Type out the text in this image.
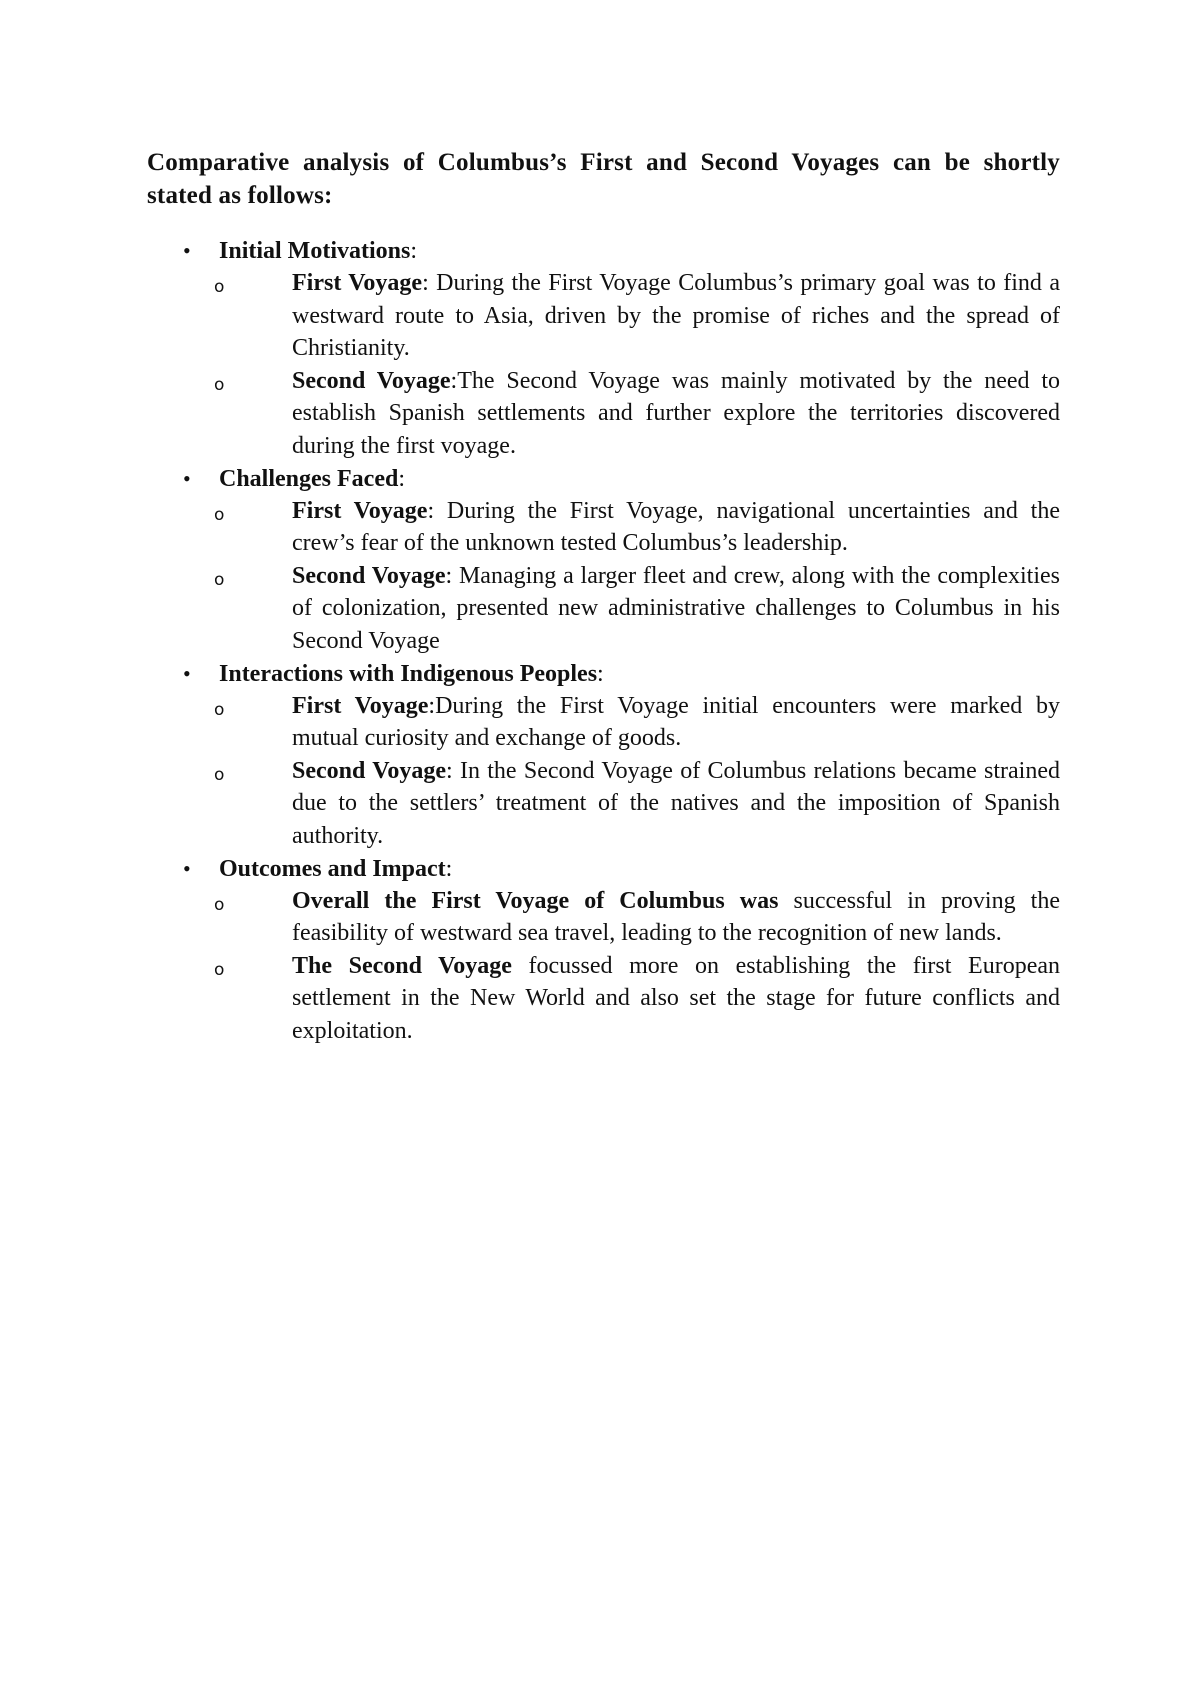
Comparative analysis of Columbus’s First and Second Voyages can be shortly stated as follows:

• Initial Motivations:
o	First Voyage: During the First Voyage Columbus’s primary goal was to find a westward route to Asia, driven by the promise of riches and the spread of Christianity.
o	Second Voyage:The Second Voyage was mainly motivated by the need to establish Spanish settlements and further explore the territories discovered during the first voyage.
• Challenges Faced:
o	First Voyage: During the First Voyage, navigational uncertainties and the crew’s fear of the unknown tested Columbus’s leadership.
o	Second Voyage: Managing a larger fleet and crew, along with the complexities of colonization, presented new administrative challenges to Columbus in his Second Voyage
• Interactions with Indigenous Peoples:
o	First Voyage:During the First Voyage initial encounters were marked by mutual curiosity and exchange of goods.
o	Second Voyage: In the Second Voyage of Columbus relations became strained due to the settlers’ treatment of the natives and the imposition of Spanish authority.
• Outcomes and Impact:
o	Overall the First Voyage of Columbus was successful in proving the feasibility of westward sea travel, leading to the recognition of new lands.
o	The Second Voyage focussed more on establishing the first European settlement in the New World and also set the stage for future conflicts and exploitation.
